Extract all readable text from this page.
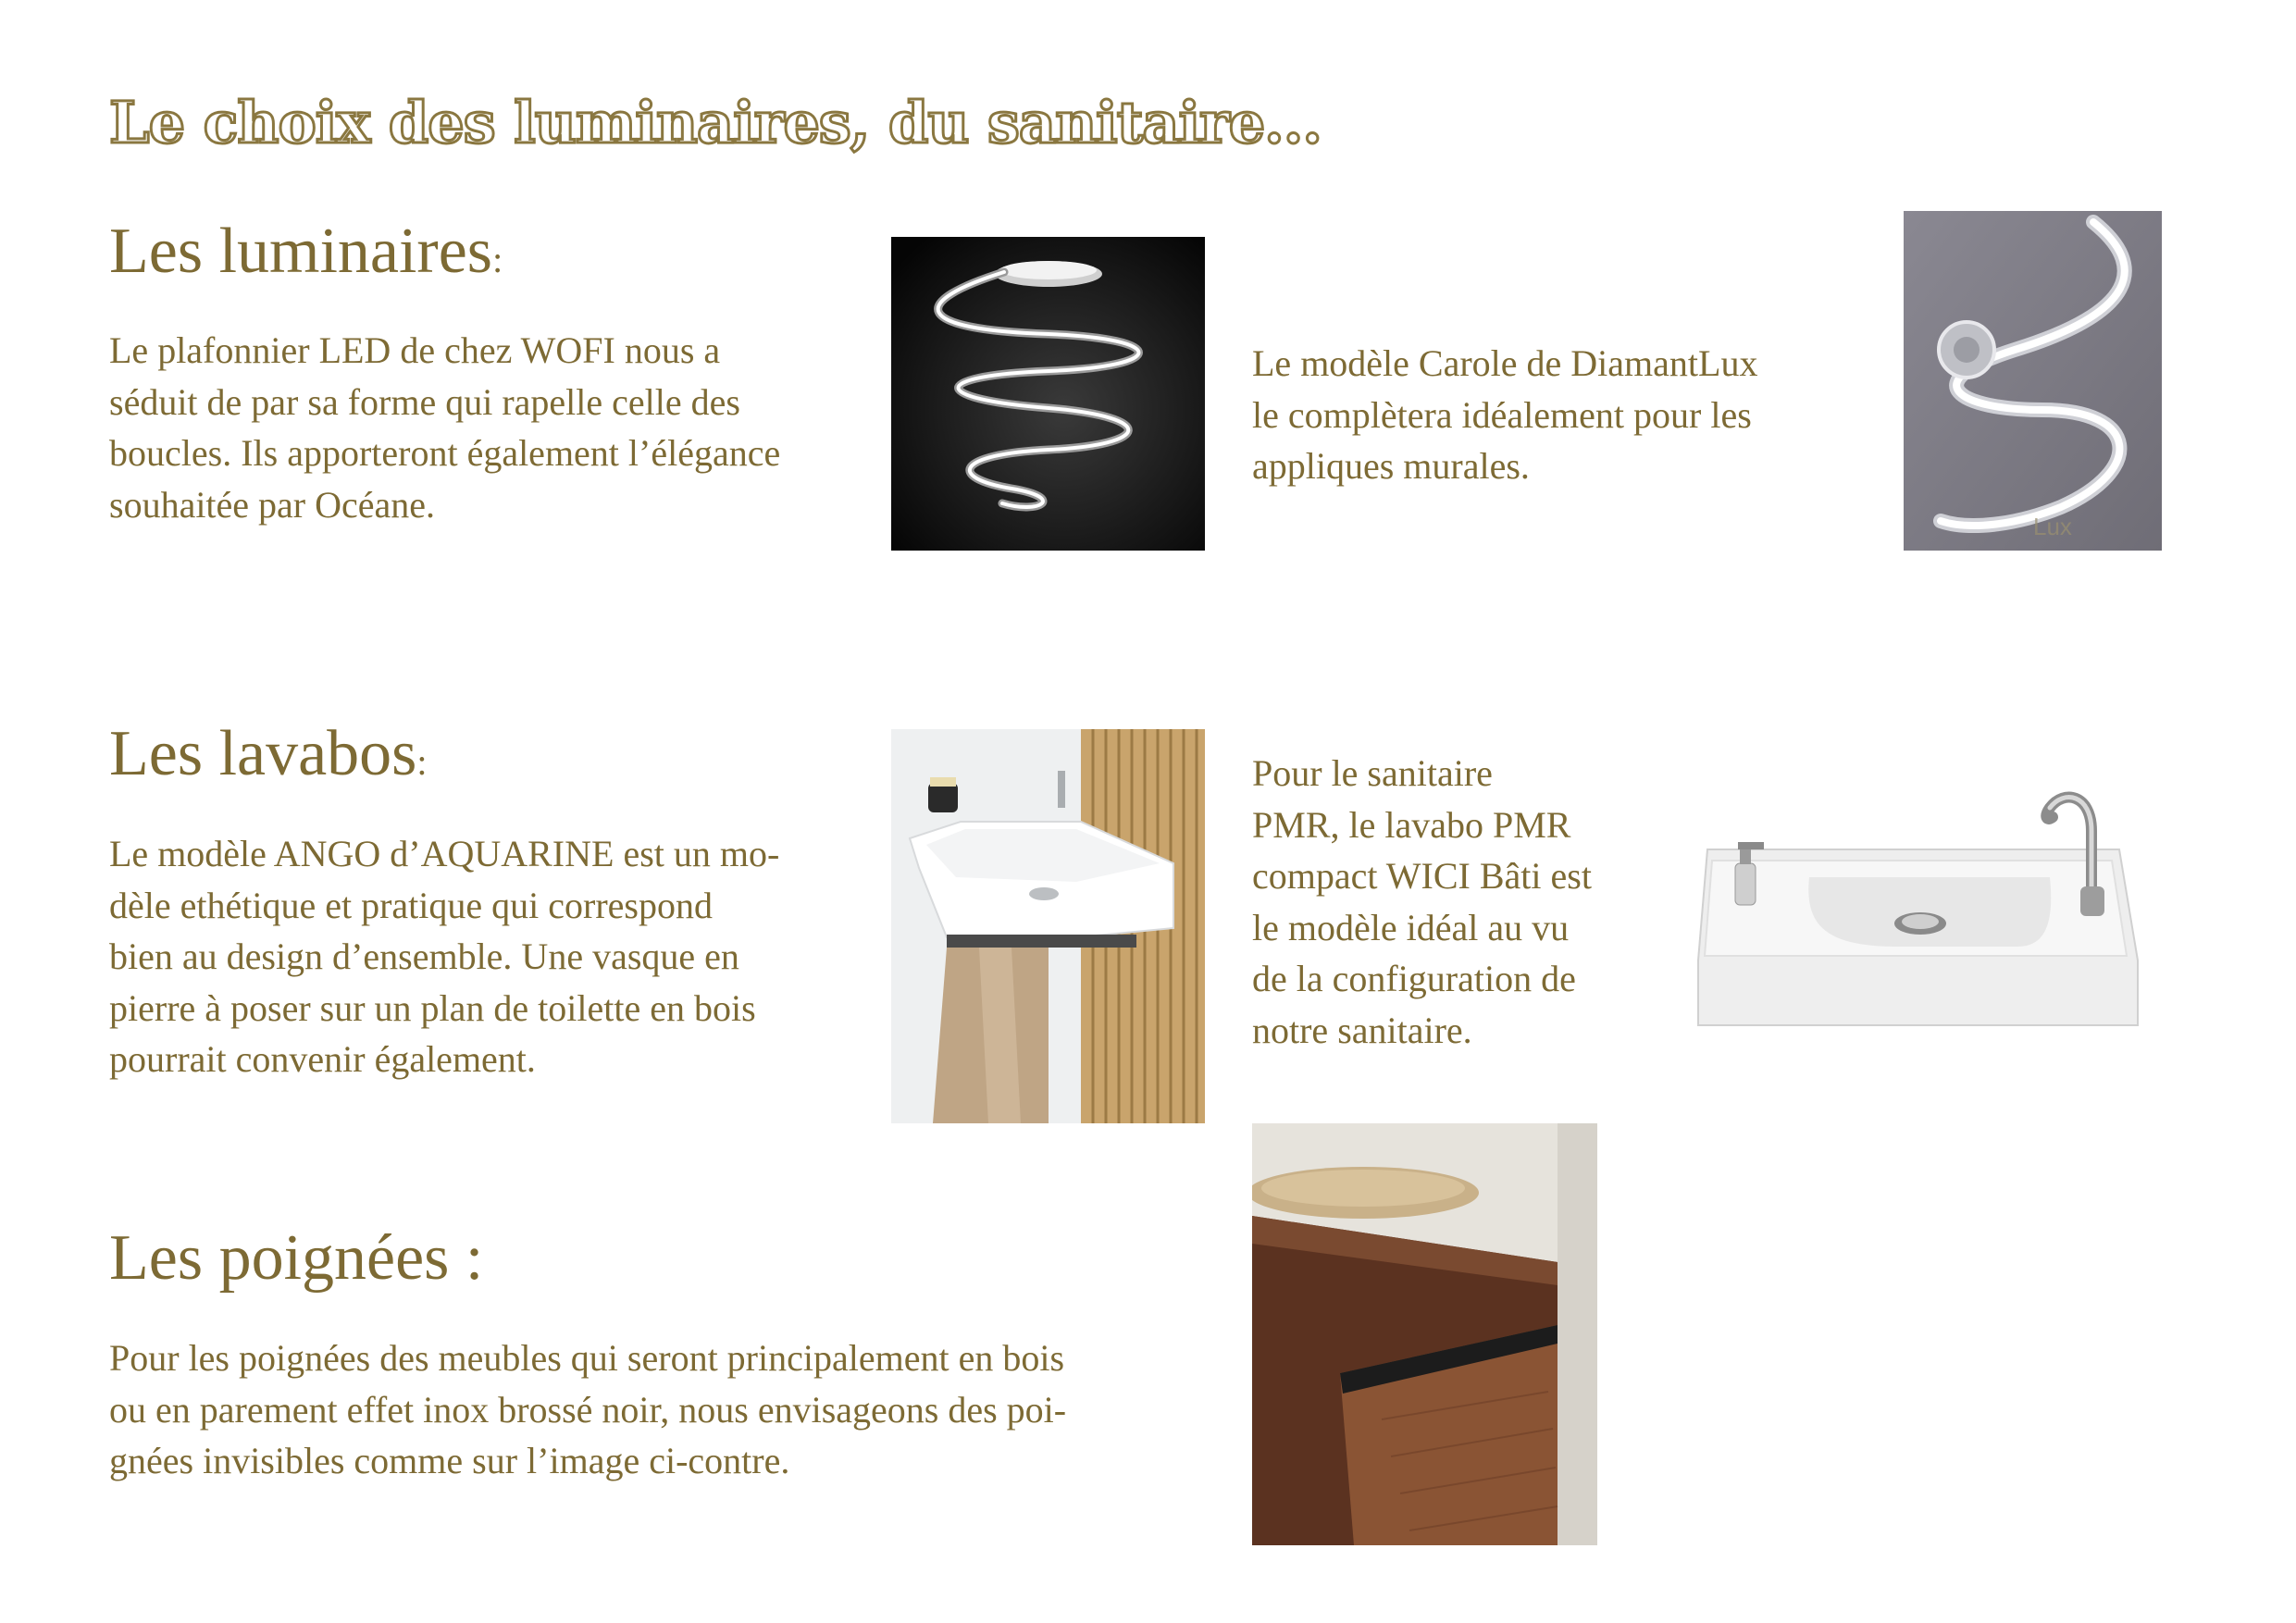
Le choix des luminaires, du sanitaire...
Les luminaires:

Le plafonnier LED de chez WOFI nous a

séduit de par sa forme qui rapelle celle des

boucles. Ils apporteront également l’élégance

souhaitée par Océane.

Le modèle Carole de DiamantLux

le complètera idéalement pour les

appliques murales.

Lux
Les lavabos:

Le modèle ANGO d’AQUARINE est un mo-

dèle ethétique et pratique qui correspond

bien au design d’ensemble. Une vasque en

pierre à poser sur un plan de toilette en bois

pourrait convenir également.

Pour le sanitaire

PMR, le lavabo PMR

compact WICI Bâti est

le modèle idéal au vu

de la configuration de

notre sanitaire.

Les poignées :

Pour les poignées des meubles qui seront principalement en bois

ou en parement effet inox brossé noir, nous envisageons des poi-

gnées invisibles comme sur l’image ci-contre.
